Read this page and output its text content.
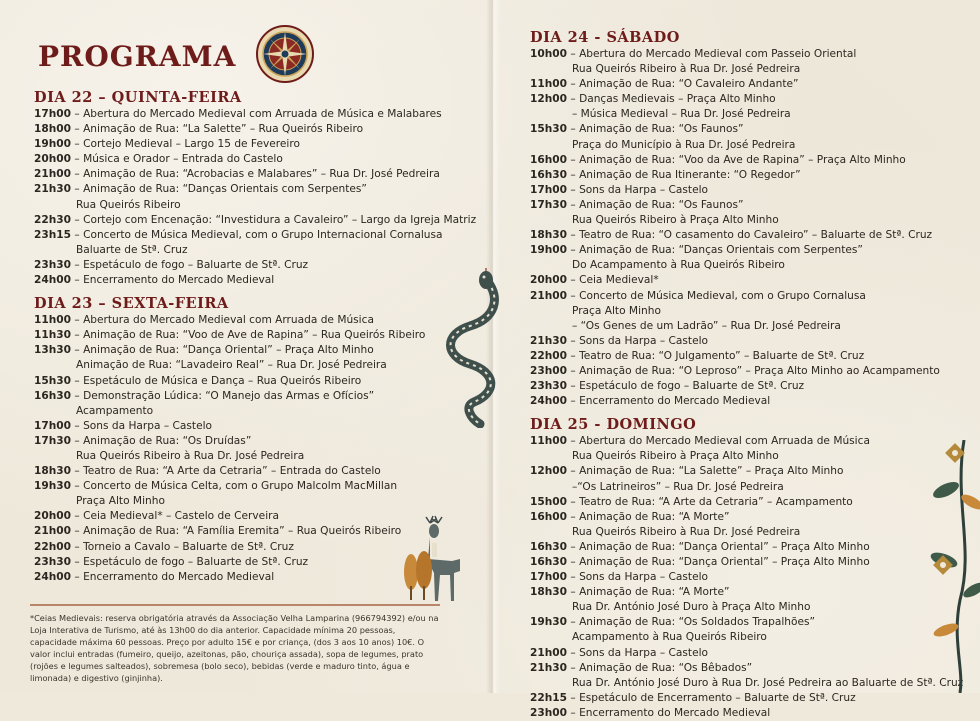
PROGRAMA
DIA 22 – QUINTA-FEIRA
17h00 – Abertura do Mercado Medieval com Arruada de Música e Malabares
18h00 – Animação de Rua: “La Salette” – Rua Queirós Ribeiro
19h00 – Cortejo Medieval – Largo 15 de Fevereiro
20h00 – Música e Orador – Entrada do Castelo
21h00 – Animação de Rua: “Acrobacias e Malabares” – Rua Dr. José Pedreira
21h30 – Animação de Rua: “Danças Orientais com Serpentes”
Rua Queirós Ribeiro
22h30 – Cortejo com Encenação: “Investidura a Cavaleiro” – Largo da Igreja Matriz
23h15 – Concerto de Música Medieval, com o Grupo Internacional Cornalusa
Baluarte de Stª. Cruz
23h30 – Espetáculo de fogo – Baluarte de Stª. Cruz
24h00 – Encerramento do Mercado Medieval
DIA 23 – SEXTA-FEIRA
11h00 – Abertura do Mercado Medieval com Arruada de Música
11h30 – Animação de Rua: “Voo de Ave de Rapina” – Rua Queirós Ribeiro
13h30 – Animação de Rua: “Dança Oriental” – Praça Alto Minho
Animação de Rua: “Lavadeiro Real” – Rua Dr. José Pedreira
15h30 – Espetáculo de Música e Dança – Rua Queirós Ribeiro
16h30 – Demonstração Lúdica: “O Manejo das Armas e Ofícios”
Acampamento
17h00 – Sons da Harpa – Castelo
17h30 – Animação de Rua: “Os Druídas”
Rua Queirós Ribeiro à Rua Dr. José Pedreira
18h30 – Teatro de Rua: “A Arte da Cetraria” – Entrada do Castelo
19h30 – Concerto de Música Celta, com o Grupo Malcolm MacMillan
Praça Alto Minho
20h00 – Ceia Medieval* – Castelo de Cerveira
21h00 – Animação de Rua: “A Família Eremita” – Rua Queirós Ribeiro
22h00 – Torneio a Cavalo – Baluarte de Stª. Cruz
23h30 – Espetáculo de fogo – Baluarte de Stª. Cruz
24h00 – Encerramento do Mercado Medieval
*Ceias Medievais: reserva obrigatória através da Associação Velha Lamparina (966794392) e/ou na Loja Interativa de Turismo, até às 13h00 do dia anterior. Capacidade mínima 20 pessoas, capacidade máxima 60 pessoas. Preço por adulto 15€ e por criança, (dos 3 aos 10 anos) 10€. O valor inclui entradas (fumeiro, queijo, azeitonas, pão, chouriça assada), sopa de legumes, prato (rojões e legumes salteados), sobremesa (bolo seco), bebidas (verde e maduro tinto, água e limonada) e digestivo (ginjinha).
DIA 24 - SÁBADO
10h00 – Abertura do Mercado Medieval com Passeio Oriental
Rua Queirós Ribeiro à Rua Dr. José Pedreira
11h00 – Animação de Rua: “O Cavaleiro Andante”
12h00 – Danças Medievais – Praça Alto Minho
– Música Medieval – Rua Dr. José Pedreira
15h30 – Animação de Rua: “Os Faunos”
Praça do Município à Rua Dr. José Pedreira
16h00 – Animação de Rua: “Voo da Ave de Rapina” – Praça Alto Minho
16h30 – Animação de Rua Itinerante: “O Regedor”
17h00 – Sons da Harpa – Castelo
17h30 – Animação de Rua: “Os Faunos”
Rua Queirós Ribeiro à Praça Alto Minho
18h30 – Teatro de Rua: “O casamento do Cavaleiro” – Baluarte de Stª. Cruz
19h00 – Animação de Rua: “Danças Orientais com Serpentes”
Do Acampamento à Rua Queirós Ribeiro
20h00 – Ceia Medieval*
21h00 – Concerto de Música Medieval, com o Grupo Cornalusa
Praça Alto Minho
– “Os Genes de um Ladrão” – Rua Dr. José Pedreira
21h30 – Sons da Harpa – Castelo
22h00 – Teatro de Rua: “O Julgamento” – Baluarte de Stª. Cruz
23h00 – Animação de Rua: “O Leproso” – Praça Alto Minho ao Acampamento
23h30 – Espetáculo de fogo – Baluarte de Stª. Cruz
24h00 – Encerramento do Mercado Medieval
DIA 25 - DOMINGO
11h00 – Abertura do Mercado Medieval com Arruada de Música
Rua Queirós Ribeiro à Praça Alto Minho
12h00 – Animação de Rua: “La Salette” – Praça Alto Minho
–“Os Latrineiros” – Rua Dr. José Pedreira
15h00 – Teatro de Rua: “A Arte da Cetraria” – Acampamento
16h00 – Animação de Rua: “A Morte”
Rua Queirós Ribeiro à Rua Dr. José Pedreira
16h30 – Animação de Rua: “Dança Oriental” – Praça Alto Minho
16h30 – Animação de Rua: “Dança Oriental” – Praça Alto Minho
17h00 – Sons da Harpa – Castelo
18h30 – Animação de Rua: “A Morte”
Rua Dr. António José Duro à Praça Alto Minho
19h30 – Animação de Rua: “Os Soldados Trapalhões”
Acampamento à Rua Queirós Ribeiro
21h00 – Sons da Harpa – Castelo
21h30 – Animação de Rua: “Os Bêbados”
Rua Dr. António José Duro à Rua Dr. José Pedreira ao Baluarte de Stª. Cruz
22h15 – Espetáculo de Encerramento – Baluarte de Stª. Cruz
23h00 – Encerramento do Mercado Medieval
